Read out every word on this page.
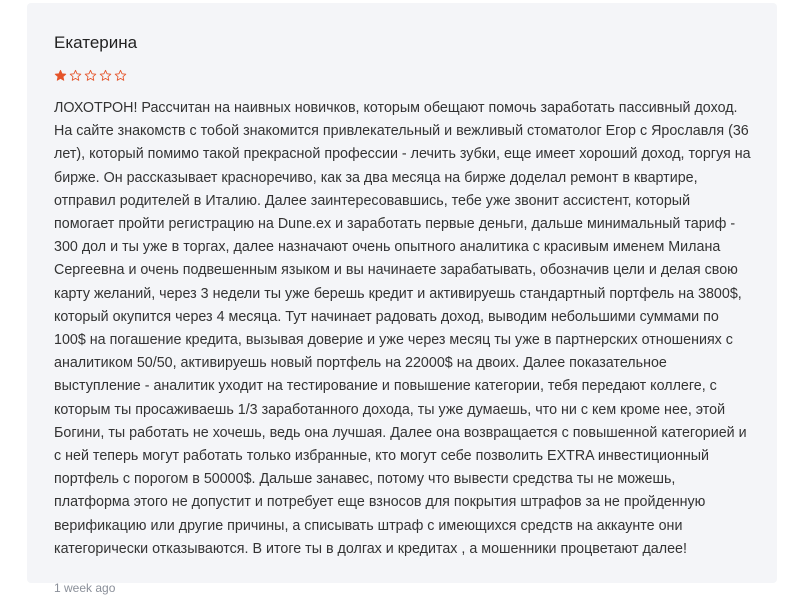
Екатерина

ЛОХОТРОН! Рассчитан на наивных новичков, которым обещают помочь заработать пассивный доход. На сайте знакомств с тобой знакомится привлекательный и вежливый стоматолог Егор с Ярославля (36 лет), который помимо такой прекрасной профессии - лечить зубки, еще имеет хороший доход, торгуя на бирже. Он рассказывает красноречиво, как за два месяца на бирже доделал ремонт в квартире, отправил родителей в Италию. Далее заинтересовавшись, тебе уже звонит ассистент, который помогает пройти регистрацию на Dune.ex и заработать первые деньги, дальше минимальный тариф - 300 дол и ты уже в торгах, далее назначают очень опытного аналитика с красивым именем Милана Сергеевна и очень подвешенным языком и вы начинаете зарабатывать, обозначив цели и делая свою карту желаний, через 3 недели ты уже берешь кредит и активируешь стандартный портфель на 3800$, который окупится через 4 месяца. Тут начинает радовать доход, выводим небольшими суммами по 100$ на погашение кредита, вызывая доверие и уже через месяц ты уже в партнерских отношениях с аналитиком 50/50, активируешь новый портфель на 22000$ на двоих. Далее показательное выступление - аналитик уходит на тестирование и повышение категории, тебя передают коллеге, с которым ты просаживаешь 1/3 заработанного дохода, ты уже думаешь, что ни с кем кроме нее, этой Богини, ты работать не хочешь, ведь она лучшая. Далее она возвращается с повышенной категорией и с ней теперь могут работать только избранные, кто могут себе позволить EXTRA инвестиционный портфель с порогом в 50000$. Дальше занавес, потому что вывести средства ты не можешь, платформа этого не допустит и потребует еще взносов для покрытия штрафов за не пройденную верификацию или другие причины, а списывать штраф с имеющихся средств на аккаунте они категорически отказываются. В итоге ты в долгах и кредитах , а мошенники процветают далее!

1 week ago
